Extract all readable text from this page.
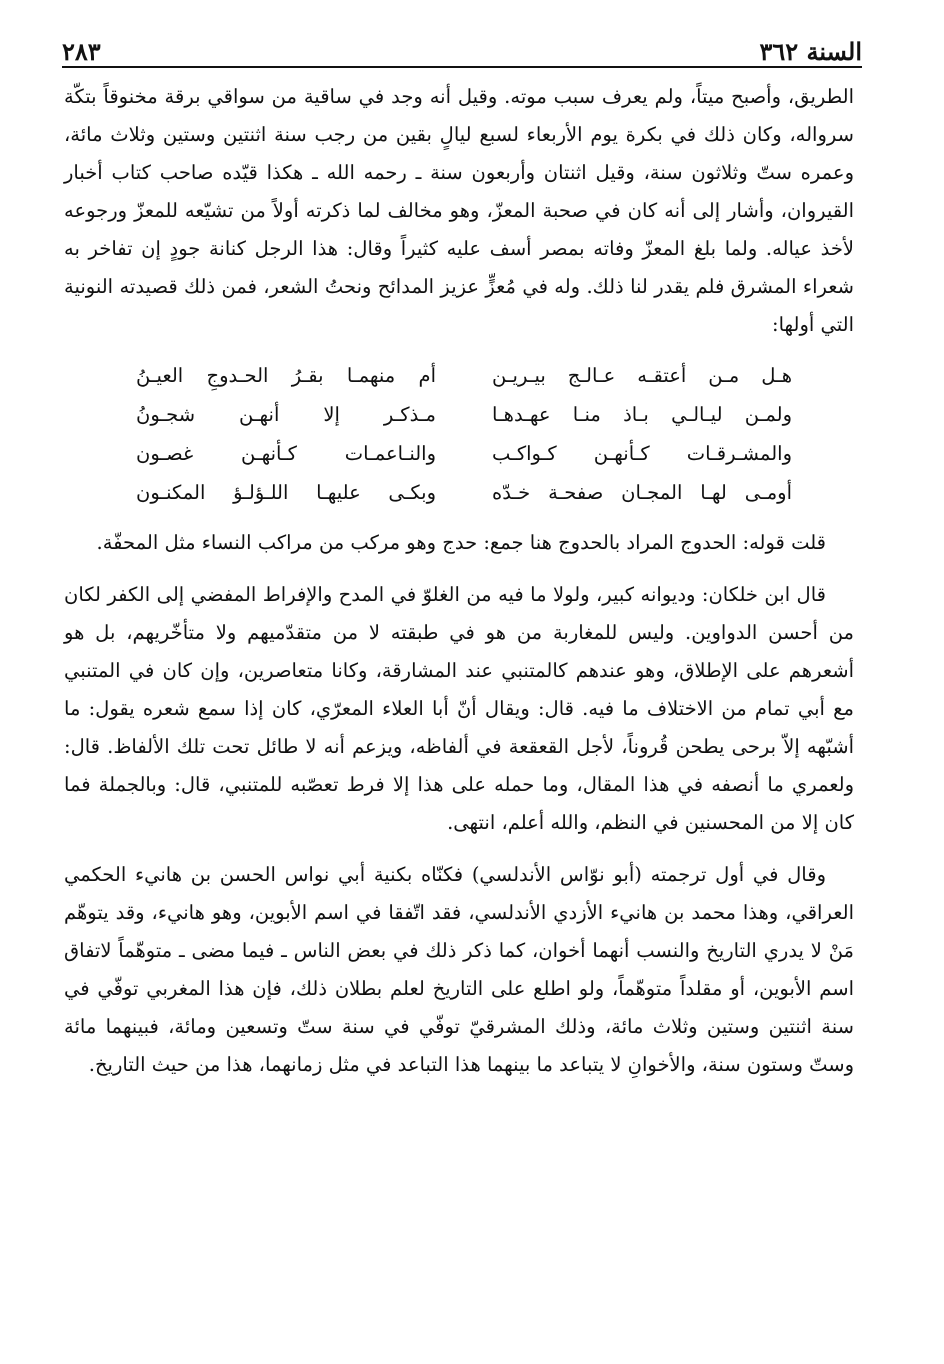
السنة ٣٦٢
٢٨٣

الطريق، وأصبح ميتاً، ولم يعرف سبب موته. وقيل أنه وجد في ساقية من سواقي برقة مخنوقاً بتكّة سرواله، وكان ذلك في بكرة يوم الأربعاء لسبع ليالٍ بقين من رجب سنة اثنتين وستين وثلاث مائة، وعمره ستّ وثلاثون سنة، وقيل اثنتان وأربعون سنة ـ رحمه الله ـ هكذا قيّده صاحب كتاب أخبار القيروان، وأشار إلى أنه كان في صحبة المعزّ، وهو مخالف لما ذكرته أولاً من تشيّعه للمعزّ ورجوعه لأخذ عياله. ولما بلغ المعزّ وفاته بمصر أسف عليه كثيراً وقال: هذا الرجل كنانة جودٍ إن تفاخر به شعراء المشرق فلم يقدر لنا ذلك. وله في مُعزٍّ عزيز المدائح ونحتُ الشعر، فمن ذلك قصيدته النونية التي أولها:

هـل مـن أعتقـه عـالـج بيـريـن
أم منهمـا بقـرُ الحـدوجِ العيـنُ
ولمـن ليـالـي بـاذ منـا عهـدهـا
مـذكـر إلا أنهـن شجـونُ
والمشـرقـات كـأنهـن كـواكـب
والنـاعمـات كـأنهـن غصـون
أومـى لهـا المجـان صفحـة خـدّه
وبكـى عليهـا اللـؤلـؤ المكنـون

قلت قوله: الحدوج المراد بالحدوج هنا جمع: حدج وهو مركب من مراكب النساء مثل المحفّة.

قال ابن خلكان: وديوانه كبير، ولولا ما فيه من الغلوّ في المدح والإفراط المفضي إلى الكفر لكان من أحسن الدواوين. وليس للمغاربة من هو في طبقته لا من متقدّميهم ولا متأخّريهم، بل هو أشعرهم على الإطلاق، وهو عندهم كالمتنبي عند المشارقة، وكانا متعاصرين، وإن كان في المتنبي مع أبي تمام من الاختلاف ما فيه. قال: ويقال أنّ أبا العلاء المعرّي، كان إذا سمع شعره يقول: ما أشبّهه إلاّ برحى يطحن قُروناً، لأجل القعقعة في ألفاظه، ويزعم أنه لا طائل تحت تلك الألفاظ. قال: ولعمري ما أنصفه في هذا المقال، وما حمله على هذا إلا فرط تعصّبه للمتنبي، قال: وبالجملة فما كان إلا من المحسنين في النظم، والله أعلم، انتهى.

وقال في أول ترجمته (أبو نوّاس الأندلسي) فكنّاه بكنية أبي نواس الحسن بن هانيء الحكمي العراقي، وهذا محمد بن هانيء الأزدي الأندلسي، فقد اتّفقا في اسم الأبوين، وهو هانيء، وقد يتوهّم مَنْ لا يدري التاريخ والنسب أنهما أخوان، كما ذكر ذلك في بعض الناس ـ فيما مضى ـ متوهّماً لاتفاق اسم الأبوين، أو مقلداً متوهّماً، ولو اطلع على التاريخ لعلم بطلان ذلك، فإن هذا المغربي توفّي في سنة اثنتين وستين وثلاث مائة، وذلك المشرقيّ توفّي في سنة ستّ وتسعين ومائة، فبينهما مائة وستّ وستون سنة، والأخوانِ لا يتباعد ما بينهما هذا التباعد في مثل زمانهما، هذا من حيث التاريخ.
